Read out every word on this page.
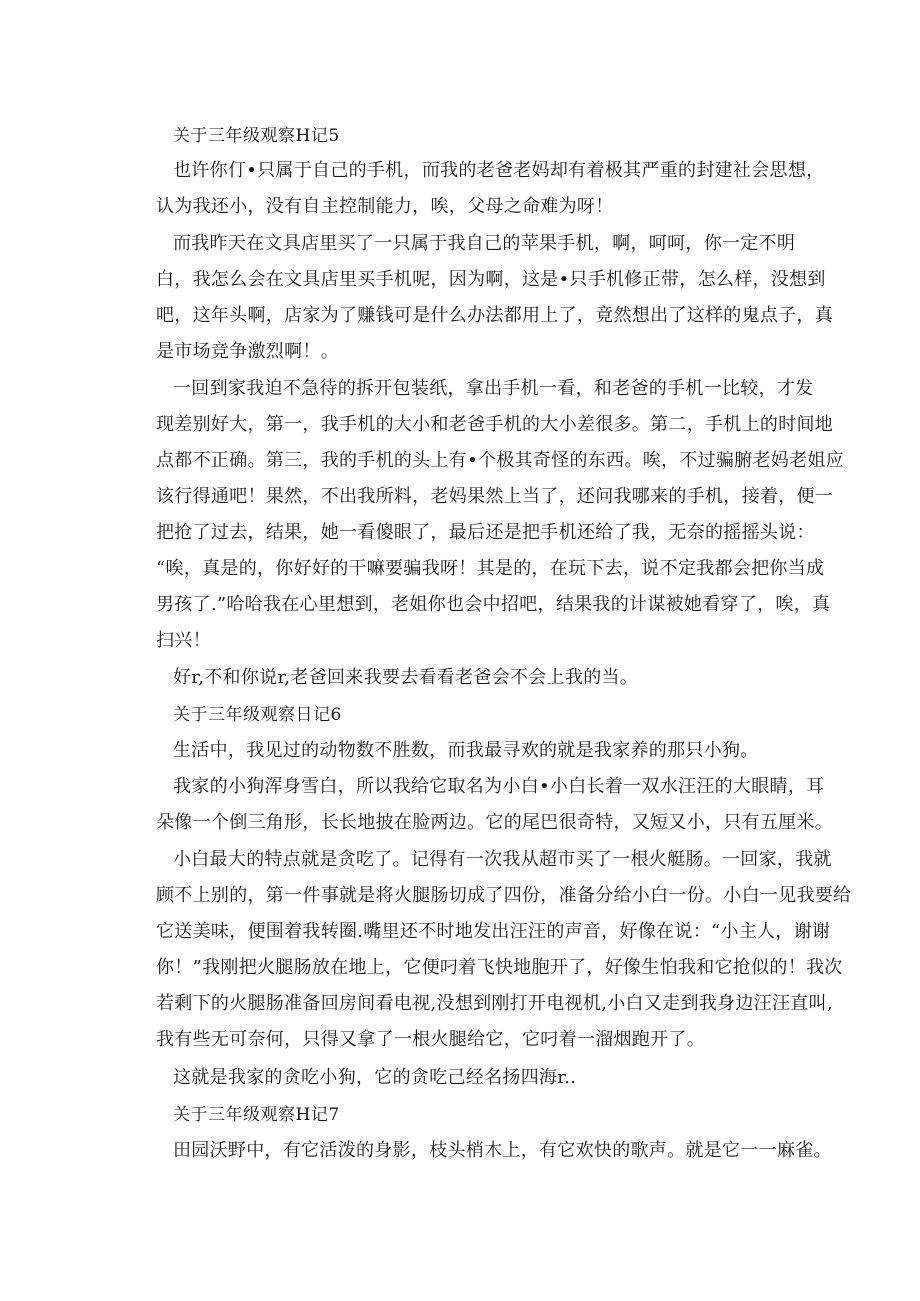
关于三年级观察H记5
也许你仃•只属于自己的手机，而我的老爸老妈却有着极其严重的封建社会思想，
认为我还小，没有自主控制能力，唉，父母之命难为呀！
而我昨天在文具店里买了一只属于我自己的苹果手机，啊，呵呵，你一定不明
白，我怎么会在文具店里买手机呢，因为啊，这是•只手机修正带，怎么样，没想到
吧，这年头啊，店家为了赚钱可是什么办法都用上了，竟然想出了这样的鬼点子，真
是市场竞争激烈啊！。
一回到家我迫不急待的拆开包装纸，拿出手机一看，和老爸的手机一比较，才发
现差别好大，第一，我手机的大小和老爸手机的大小差很多。第二，手机上的时间地
点都不正确。第三，我的手机的头上有•个极其奇怪的东西。唉，不过骗腑老妈老姐应
该行得通吧！果然，不出我所料，老妈果然上当了，还问我哪来的手机，接着，便一
把抢了过去，结果，她一看傻眼了，最后还是把手机还给了我，无奈的摇摇头说：
“唉，真是的，你好好的干嘛要骗我呀！其是的，在玩下去，说不定我都会把你当成
男孩了.”哈哈我在心里想到，老姐你也会中招吧，结果我的计谋被她看穿了，唉，真
扫兴！
好r,不和你说r,老爸回来我要去看看老爸会不会上我的当。
关于三年级观察日记6
生活中，我见过的动物数不胜数，而我最寻欢的就是我家养的那只小狗。
我家的小狗浑身雪白，所以我给它取名为小白•小白长着一双水汪汪的大眼睛，耳
朵像一个倒三角形，长长地披在脸两边。它的尾巴很奇特，又短又小，只有五厘米。
小白最大的特点就是贪吃了。记得有一次我从超市买了一根火艇肠。一回家，我就
顾不上别的，第一件事就是将火腿肠切成了四份，准备分给小白一份。小白一见我要给
它送美味，便围着我转圈.嘴里还不时地发出汪汪的声音，好像在说：“小主人，谢谢
你！”我刚把火腿肠放在地上，它便叼着飞快地胞开了，好像生怕我和它抢似的！我次
若剩下的火腿肠准备回房间看电视,没想到刚打开电视机,小白又走到我身边汪汪直叫,
我有些无可奈何，只得又拿了一根火腿给它，它叼着一溜烟跑开了。
这就是我家的贪吃小狗，它的贪吃己经名扬四海r..
关于三年级观察H记7
田园沃野中，有它活泼的身影，枝头梢木上，有它欢快的歌声。就是它一一麻雀。
